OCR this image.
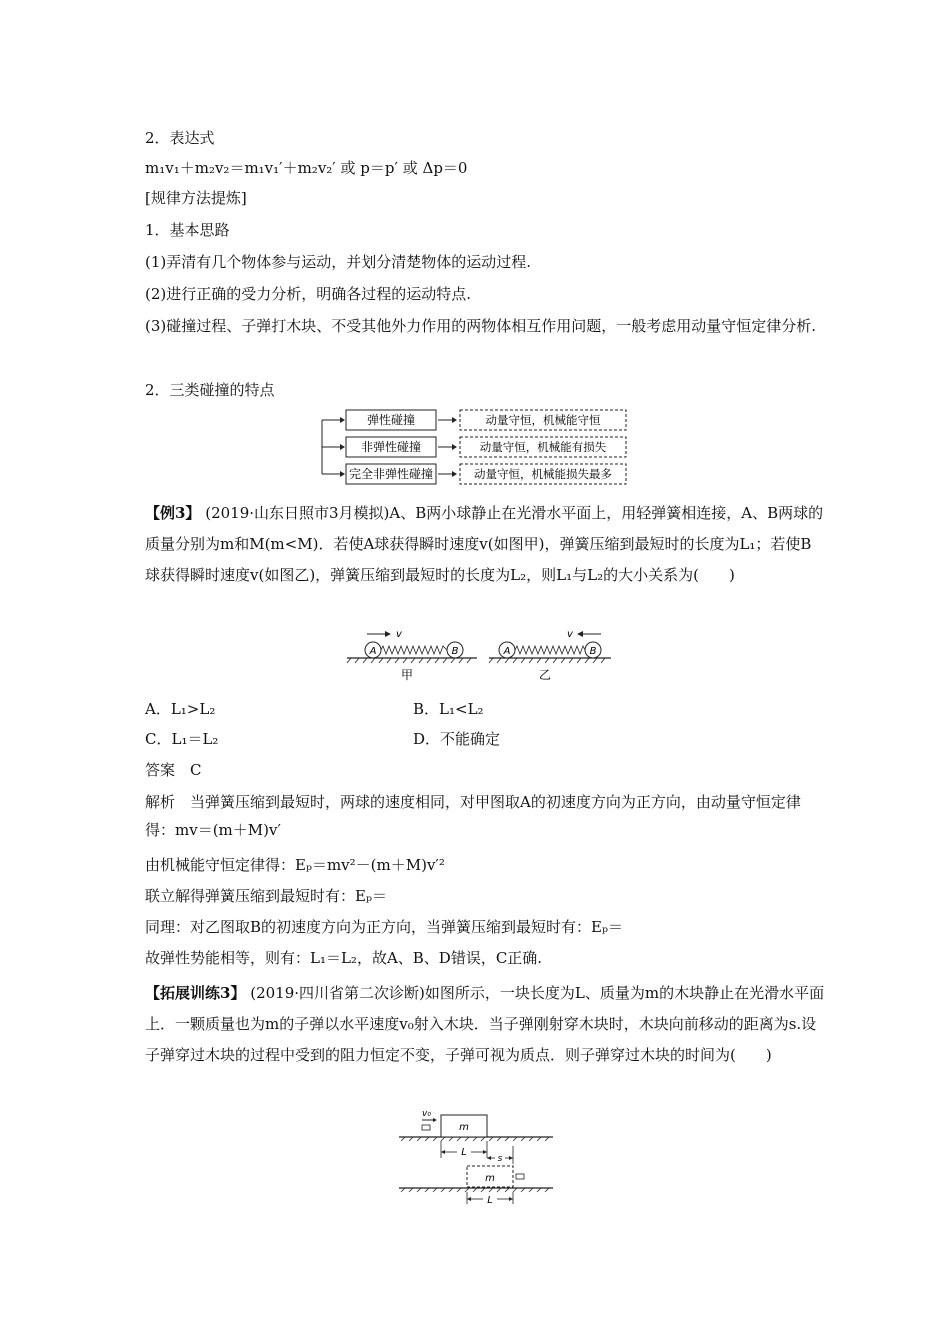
2．表达式
m₁v₁＋m₂v₂＝m₁v₁′＋m₂v₂′ 或 p＝p′ 或 Δp＝0
[规律方法提炼]
1．基本思路
(1)弄清有几个物体参与运动，并划分清楚物体的运动过程.
(2)进行正确的受力分析，明确各过程的运动特点.
(3)碰撞过程、子弹打木块、不受其他外力作用的两物体相互作用问题，一般考虑用动量守恒定律分析.
2．三类碰撞的特点
弹性碰撞
非弹性碰撞
完全非弹性碰撞
动量守恒，机械能守恒
动量守恒，机械能有损失
动量守恒，机械能损失最多
【例3】 (2019·山东日照市3月模拟)A、B两小球静止在光滑水平面上，用轻弹簧相连接，A、B两球的质量分别为m和M(m<M)．若使A球获得瞬时速度v(如图甲)，弹簧压缩到最短时的长度为L₁；若使B球获得瞬时速度v(如图乙)，弹簧压缩到最短时的长度为L₂，则L₁与L₂的大小关系为(　　)
A	B
v
甲
A	B
v
乙
A．L₁>L₂	B．L₁<L₂
C．L₁＝L₂	D．不能确定
答案　C
解析　当弹簧压缩到最短时，两球的速度相同，对甲图取A的初速度方向为正方向，由动量守恒定律得：mv＝(m＋M)v′
由机械能守恒定律得：Eₚ＝mv²－(m＋M)v′²
联立解得弹簧压缩到最短时有：Eₚ＝
同理：对乙图取B的初速度方向为正方向，当弹簧压缩到最短时有：Eₚ＝
故弹性势能相等，则有：L₁＝L₂，故A、B、D错误，C正确.
【拓展训练3】 (2019·四川省第二次诊断)如图所示，一块长度为L、质量为m的木块静止在光滑水平面上．一颗质量也为m的子弹以水平速度v₀射入木块．当子弹刚射穿木块时，木块向前移动的距离为s.设子弹穿过木块的过程中受到的阻力恒定不变，子弹可视为质点．则子弹穿过木块的时间为(　　)
v₀
m
L
s
m
L
